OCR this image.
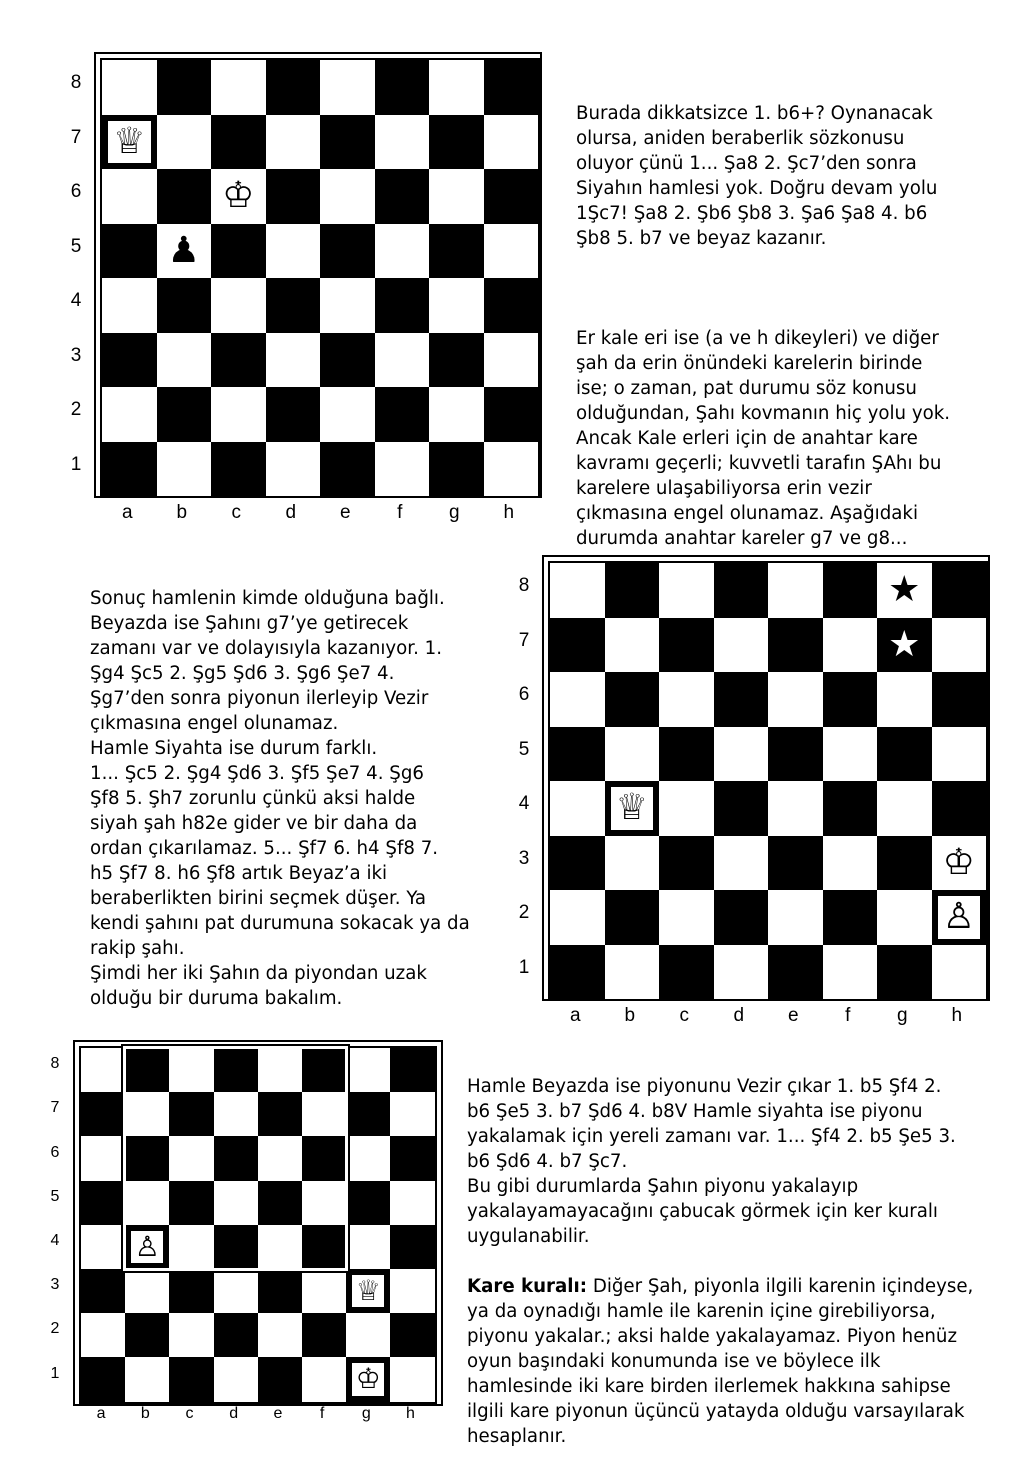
♕
♔
♟
★
★
♕
♔
♙
♙
♕
♔

Burada dikkatsizce 1. b6+? Oynanacak
olursa, aniden beraberlik sözkonusu
oluyor çünü 1... Şa8 2. Şc7’den sonra
Siyahın hamlesi yok. Doğru devam yolu
1Şc7! Şa8 2. Şb6 Şb8 3. Şa6 Şa8 4. b6
Şb8 5. b7 ve beyaz kazanır.

Er kale eri ise (a ve h dikeyleri) ve diğer
şah da erin önündeki karelerin birinde
ise; o zaman, pat durumu söz konusu
olduğundan, Şahı kovmanın hiç yolu yok.
Ancak Kale erleri için de anahtar kare
kavramı geçerli; kuvvetli tarafın ŞAhı bu
karelere ulaşabiliyorsa erin vezir
çıkmasına engel olunamaz. Aşağıdaki
durumda anahtar kareler g7 ve g8...

Sonuç hamlenin kimde olduğuna bağlı.
Beyazda ise Şahını g7’ye getirecek
zamanı var ve dolayısıyla kazanıyor. 1.
Şg4 Şc5 2. Şg5 Şd6 3. Şg6 Şe7 4.
Şg7’den sonra piyonun ilerleyip Vezir
çıkmasına engel olunamaz.
Hamle Siyahta ise durum farklı.
1... Şc5 2. Şg4 Şd6 3. Şf5 Şe7 4. Şg6
Şf8 5. Şh7 zorunlu çünkü aksi halde
siyah şah h82e gider ve bir daha da
ordan çıkarılamaz. 5... Şf7 6. h4 Şf8 7.
h5 Şf7 8. h6 Şf8 artık Beyaz’a iki
beraberlikten birini seçmek düşer. Ya
kendi şahını pat durumuna sokacak ya da
rakip şahı.
Şimdi her iki Şahın da piyondan uzak
olduğu bir duruma bakalım.

Hamle Beyazda ise piyonunu Vezir çıkar 1. b5 Şf4 2.
b6 Şe5 3. b7 Şd6 4. b8V Hamle siyahta ise piyonu
yakalamak için yereli zamanı var. 1... Şf4 2. b5 Şe5 3.
b6 Şd6 4. b7 Şc7.
Bu gibi durumlarda Şahın piyonu yakalayıp
yakalayamayacağını çabucak görmek için ker kuralı
uygulanabilir.

Kare kuralı: Diğer Şah, piyonla ilgili karenin içindeyse,
ya da oynadığı hamle ile karenin içine girebiliyorsa,
piyonu yakalar.; aksi halde yakalayamaz. Piyon henüz
oyun başındaki konumunda ise ve böylece ilk
hamlesinde iki kare birden ilerlemek hakkına sahipse
ilgili kare piyonun üçüncü yatayda olduğu varsayılarak
hesaplanır.

8
7
6
5
4
3
2
1
a b c d e	f	g h
8
7
6
5
4
3
2
1
a b c d e	f	g h
8
7
6
5
4
3
2
1
a	b	c	d	e	f	g	h
